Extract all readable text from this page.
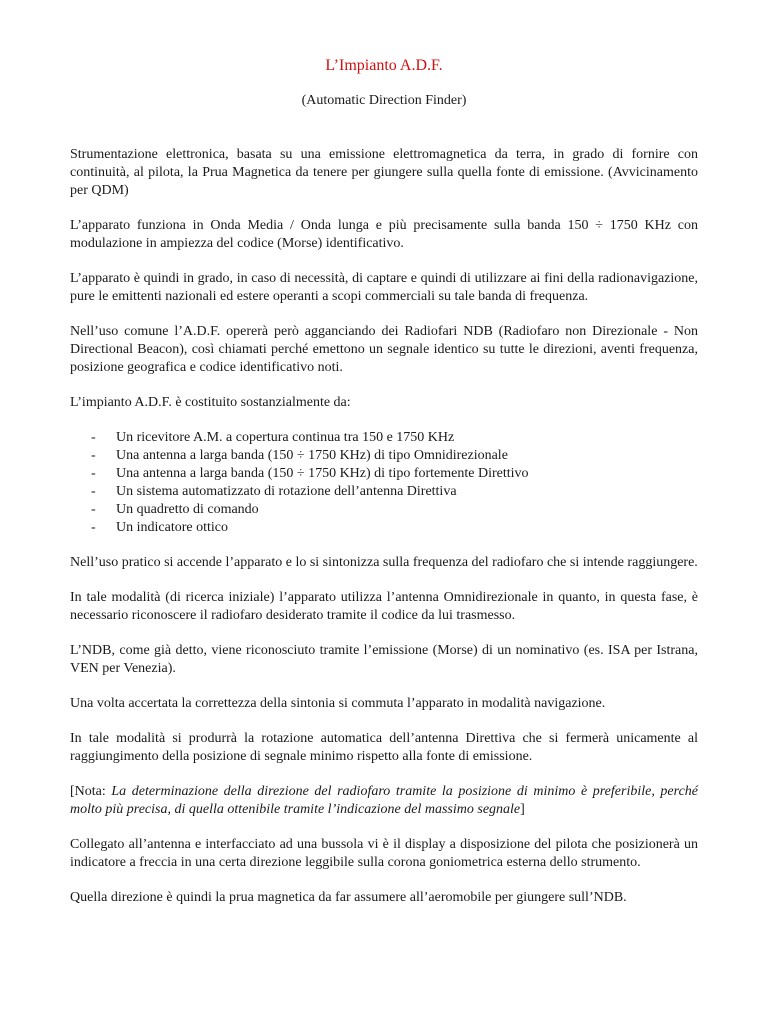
L’Impianto A.D.F.
(Automatic Direction Finder)

Strumentazione elettronica, basata su una emissione elettromagnetica da terra, in grado di fornire con continuità, al pilota, la Prua Magnetica da tenere per giungere sulla quella fonte di emissione. (Avvicinamento per QDM)

L’apparato funziona in Onda Media / Onda lunga e più precisamente sulla banda 150 ÷ 1750 KHz con modulazione in ampiezza del codice (Morse) identificativo.

L’apparato è quindi in grado, in caso di necessità, di captare e quindi di utilizzare ai fini della radionavigazione, pure le emittenti nazionali ed estere operanti a scopi commerciali su tale banda di frequenza.

Nell’uso comune l’A.D.F. opererà però agganciando dei Radiofari NDB (Radiofaro non Direzionale - Non Directional Beacon), così chiamati perché emettono un segnale identico su tutte le direzioni, aventi frequenza, posizione geografica e codice identificativo noti.

L’impianto A.D.F. è costituito sostanzialmente da:

- Un ricevitore A.M. a copertura continua tra 150 e 1750 KHz
- Una antenna a larga banda (150 ÷ 1750 KHz) di tipo Omnidirezionale
- Una antenna a larga banda (150 ÷ 1750 KHz) di tipo fortemente Direttivo
- Un sistema automatizzato di rotazione dell’antenna Direttiva
- Un quadretto di comando
- Un indicatore ottico

Nell’uso pratico si accende l’apparato e lo si sintonizza sulla frequenza del radiofaro che si intende raggiungere.

In tale modalità (di ricerca iniziale) l’apparato utilizza l’antenna Omnidirezionale in quanto, in questa fase, è necessario riconoscere il radiofaro desiderato tramite il codice da lui trasmesso.

L’NDB, come già detto, viene riconosciuto tramite l’emissione (Morse) di un nominativo (es. ISA per Istrana, VEN per Venezia).

Una volta accertata la correttezza della sintonia si commuta l’apparato in modalità navigazione.

In tale modalità si produrrà la rotazione automatica dell’antenna Direttiva che si fermerà unicamente al raggiungimento della posizione di segnale minimo rispetto alla fonte di emissione.

[Nota: La determinazione della direzione del radiofaro tramite la posizione di minimo è preferibile, perché molto più precisa, di quella ottenibile tramite l’indicazione del massimo segnale]

Collegato all’antenna e interfacciato ad una bussola vi è il display a disposizione del pilota che posizionerà un indicatore a freccia in una certa direzione leggibile sulla corona goniometrica esterna dello strumento.

Quella direzione è quindi la prua magnetica da far assumere all’aeromobile per giungere sull’NDB.
